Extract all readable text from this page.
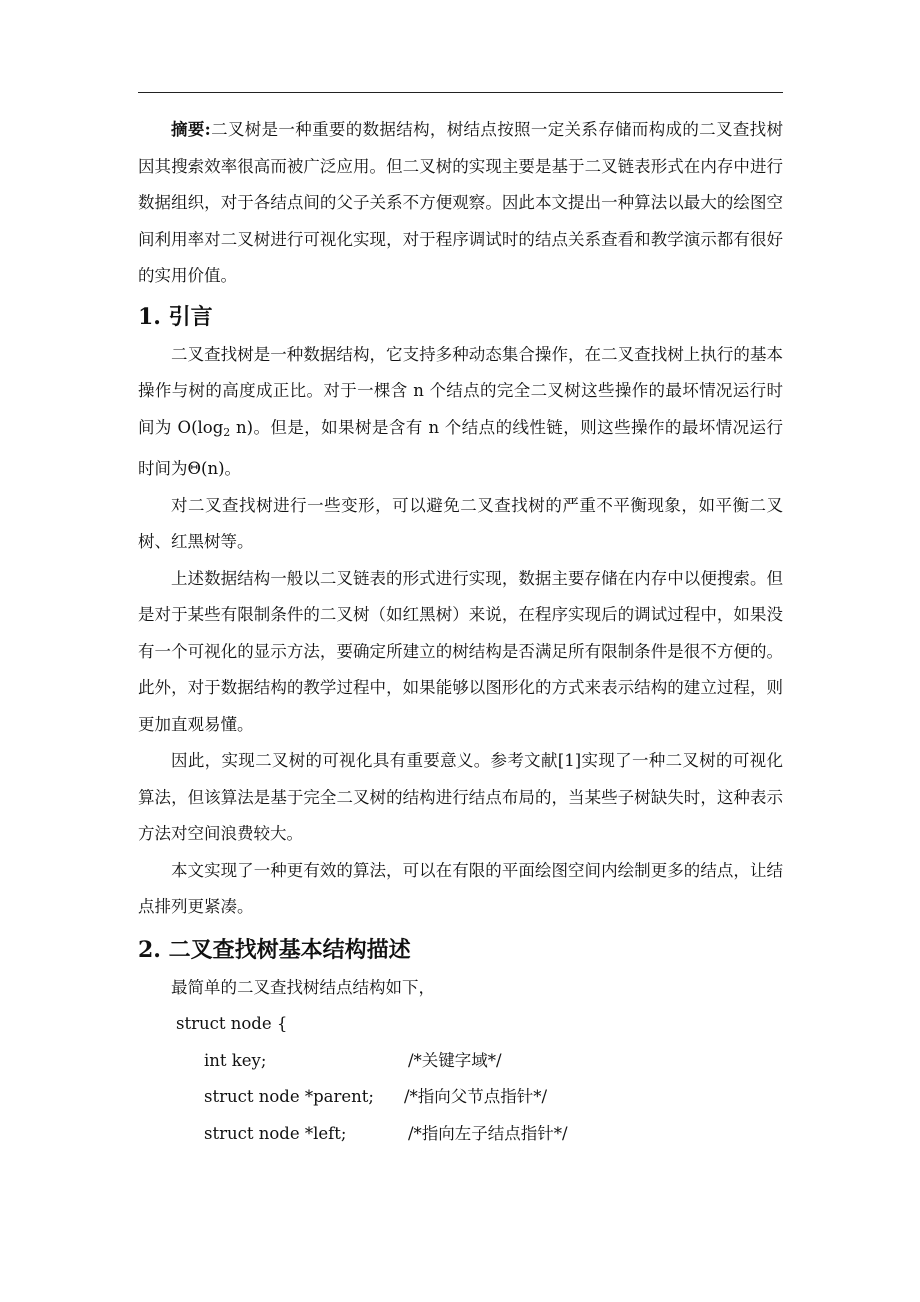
摘要:二叉树是一种重要的数据结构，树结点按照一定关系存储而构成的二叉查找树因其搜索效率很高而被广泛应用。但二叉树的实现主要是基于二叉链表形式在内存中进行数据组织，对于各结点间的父子关系不方便观察。因此本文提出一种算法以最大的绘图空间利用率对二叉树进行可视化实现，对于程序调试时的结点关系查看和教学演示都有很好的实用价值。

1. 引言

二叉查找树是一种数据结构，它支持多种动态集合操作，在二叉查找树上执行的基本操作与树的高度成正比。对于一棵含 n 个结点的完全二叉树这些操作的最坏情况运行时间为 $O(\log_2$ n)。但是，如果树是含有 n 个结点的线性链，则这些操作的最坏情况运行时间为Θ(n)。

对二叉查找树进行一些变形，可以避免二叉查找树的严重不平衡现象，如平衡二叉树、红黑树等。

上述数据结构一般以二叉链表的形式进行实现，数据主要存储在内存中以便搜索。但是对于某些有限制条件的二叉树（如红黑树）来说，在程序实现后的调试过程中，如果没有一个可视化的显示方法，要确定所建立的树结构是否满足所有限制条件是很不方便的。此外，对于数据结构的教学过程中，如果能够以图形化的方式来表示结构的建立过程，则更加直观易懂。

因此，实现二叉树的可视化具有重要意义。参考文献[1]实现了一种二叉树的可视化算法，但该算法是基于完全二叉树的结构进行结点布局的，当某些子树缺失时，这种表示方法对空间浪费较大。

本文实现了一种更有效的算法，可以在有限的平面绘图空间内绘制更多的结点，让结点排列更紧凑。

2. 二叉查找树基本结构描述

最简单的二叉查找树结点结构如下，

struct node {
int key;	/*关键字域*/
struct node *parent; /*指向父节点指针*/
struct node *left;	/*指向左子结点指针*/
